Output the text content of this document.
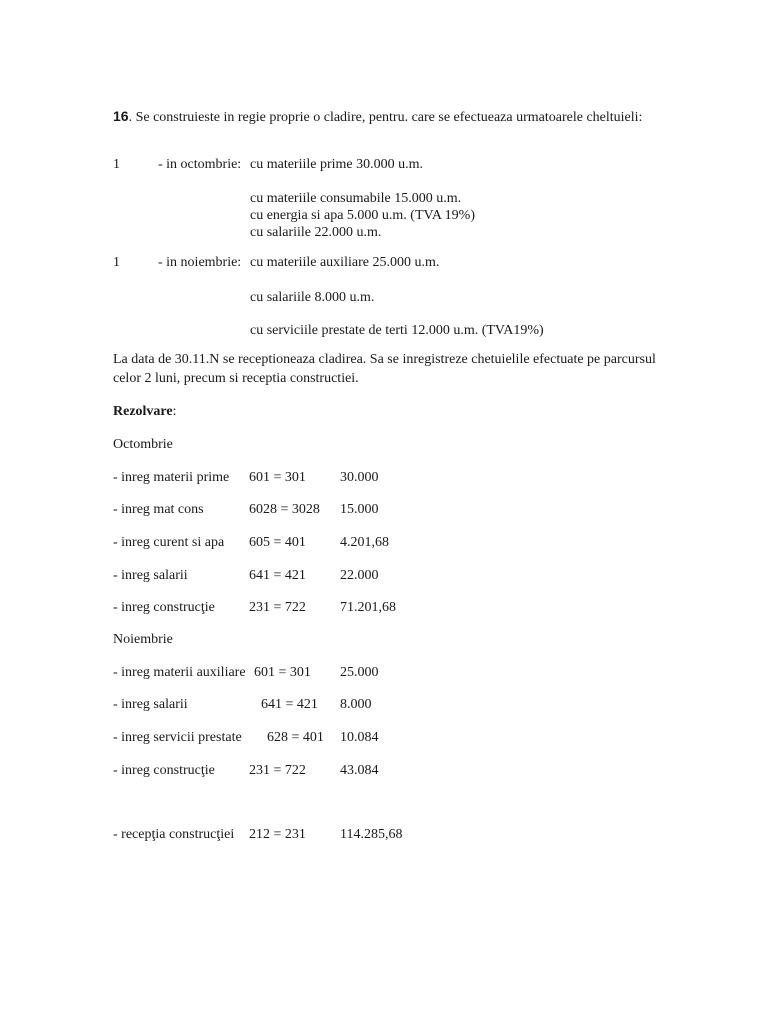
16. Se construieste in regie proprie o cladire, pentru. care se efectueaza urmatoarele cheltuieli:
1	- in octombrie: cu materiile prime 30.000 u.m.
cu materiile consumabile 15.000 u.m.
cu energia si apa 5.000 u.m. (TVA 19%)
cu salariile 22.000 u.m.
1	- in noiembrie: cu materiile auxiliare 25.000 u.m.
cu salariile 8.000 u.m.
cu serviciile prestate de terti 12.000 u.m. (TVA19%)
La data de 30.11.N se receptioneaza cladirea. Sa se inregistreze chetuielile efectuate pe parcursul celor 2 luni, precum si receptia constructiei.
Rezolvare:
Octombrie
- inreg materii prime 601 = 301 30.000
- inreg mat cons	6028 = 3028 15.000
- inreg curent si apa 605 = 401 4.201,68
- inreg salarii	641 = 421 22.000
- inreg construcţie 231 = 722 71.201,68
Noiembrie
- inreg materii auxiliare 601 = 301 25.000
- inreg salarii	641 = 421 8.000
- inreg servicii prestate 628 = 401 10.084
- inreg construcţie 231 = 722 43.084
- recepţia construcţiei 212 = 231 114.285,68
